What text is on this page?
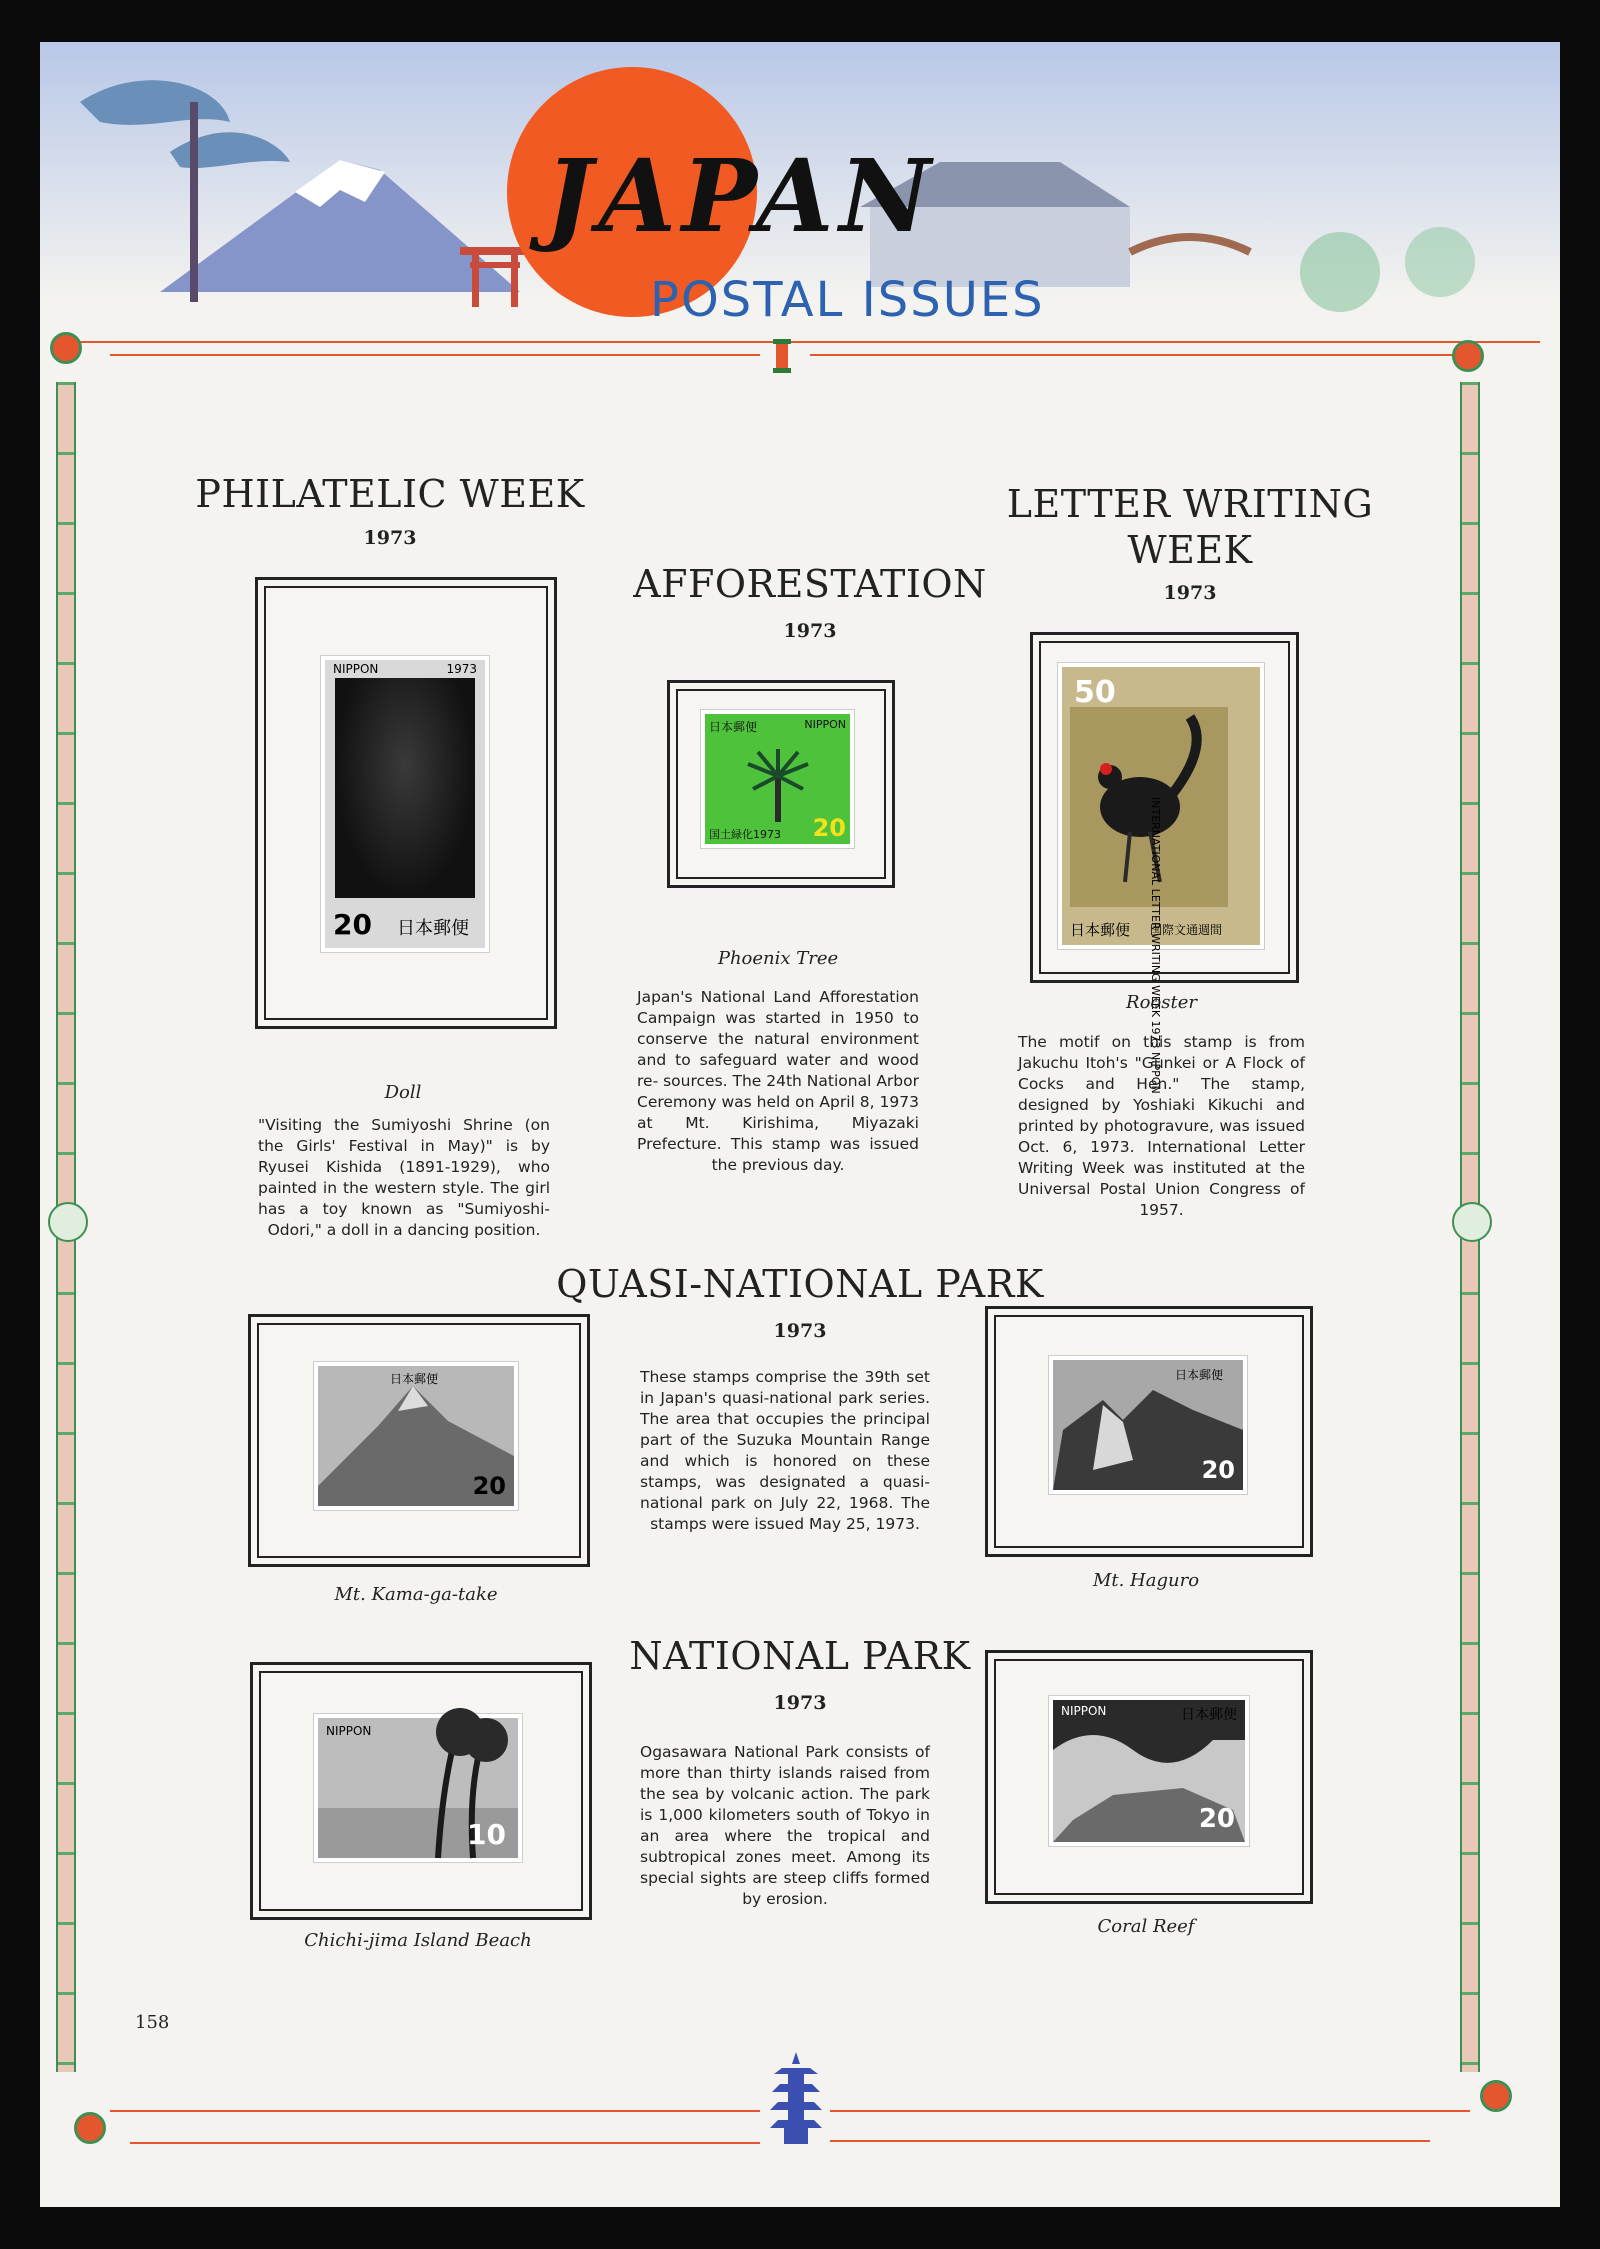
JAPAN
POSTAL ISSUES
PHILATELIC WEEK
1973
NIPPON	1973
20 日本郵便
Doll
"Visiting the Sumiyoshi Shrine (on the Girls' Festival in May)" is by Ryusei Kishida (1891-1929), who painted in the western style. The girl has a toy known as "Sumiyoshi-Odori," a doll in a dancing position.
AFFORESTATION
1973
日本郵便	NIPPON
国土緑化1973 20
Phoenix Tree
Japan's National Land Afforestation Campaign was started in 1950 to conserve the natural environment and to safeguard water and wood re- sources. The 24th National Arbor Ceremony was held on April 8, 1973 at Mt. Kirishima, Miyazaki Prefecture. This stamp was issued the previous day.
LETTER WRITING
WEEK
1973
50
INTERNATIONAL LETTER WRITING WEEK 1973 NIPPON
日本郵便 国際文通週間
Rooster
The motif on this stamp is from Jakuchu Itoh's "Gunkei or A Flock of Cocks and Hen." The stamp, designed by Yoshiaki Kikuchi and printed by photogravure, was issued Oct. 6, 1973. International Letter Writing Week was instituted at the Universal Postal Union Congress of 1957.
QUASI-NATIONAL PARK
1973
These stamps comprise the 39th set in Japan's quasi-national park series. The area that occupies the principal part of the Suzuka Mountain Range and which is honored on these stamps, was designated a quasi-national park on July 22, 1968. The stamps were issued May 25, 1973.
日本郵便
20
Mt. Kama-ga-take
日本郵便
20
Mt. Haguro
NATIONAL PARK
1973
Ogasawara National Park consists of more than thirty islands raised from the sea by volcanic action. The park is 1,000 kilometers south of Tokyo in an area where the tropical and subtropical zones meet. Among its special sights are steep cliffs formed by erosion.
NIPPON
10
Chichi-jima Island Beach
NIPPON	日本郵便
20
Coral Reef
158
